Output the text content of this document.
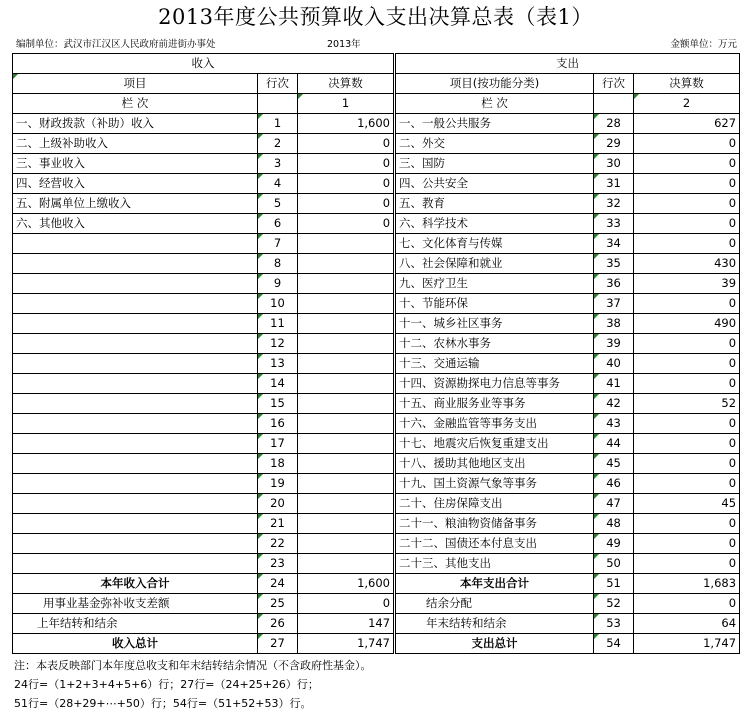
2013年度公共预算收入支出决算总表（表1）
编制单位：武汉市江汉区人民政府前进街办事处	2013年	金额单位：万元
收入			支出		
项目	行次	决算数	项目(按功能分类)	行次	决算数
栏 次		1	栏 次		2
一、财政拨款（补助）收入	1	1,600	一、一般公共服务	28	627
二、上级补助收入	2	0	二、外交	29	0
三、事业收入	3	0	三、国防	30	0
四、经营收入	4	0	四、公共安全	31	0
五、附属单位上缴收入	5	0	五、教育	32	0
六、其他收入	6	0	六、科学技术	33	0
	7		七、文化体育与传媒	34	0
	8		八、社会保障和就业	35	430
	9		九、医疗卫生	36	39
	10		十、节能环保	37	0
	11		十一、城乡社区事务	38	490
	12		十二、农林水事务	39	0
	13		十三、交通运输	40	0
	14		十四、资源勘探电力信息等事务	41	0
	15		十五、商业服务业等事务	42	52
	16		十六、金融监管等事务支出	43	0
	17		十七、地震灾后恢复重建支出	44	0
	18		十八、援助其他地区支出	45	0
	19		十九、国土资源气象等事务	46	0
	20		二十、住房保障支出	47	45
	21		二十一、粮油物资储备事务	48	0
	22		二十二、国债还本付息支出	49	0
	23		二十三、其他支出	50	0
本年收入合计	24	1,600	本年支出合计	51	1,683
用事业基金弥补收支差额	25	0	结余分配	52	0
上年结转和结余	26	147	年末结转和结余	53	64
收入总计	27	1,747	支出总计	54	1,747
注：本表反映部门本年度总收支和年末结转结余情况（不含政府性基金）。
24行=（1+2+3+4+5+6）行；27行=（24+25+26）行；
51行=（28+29+⋯+50）行；54行=（51+52+53）行。
